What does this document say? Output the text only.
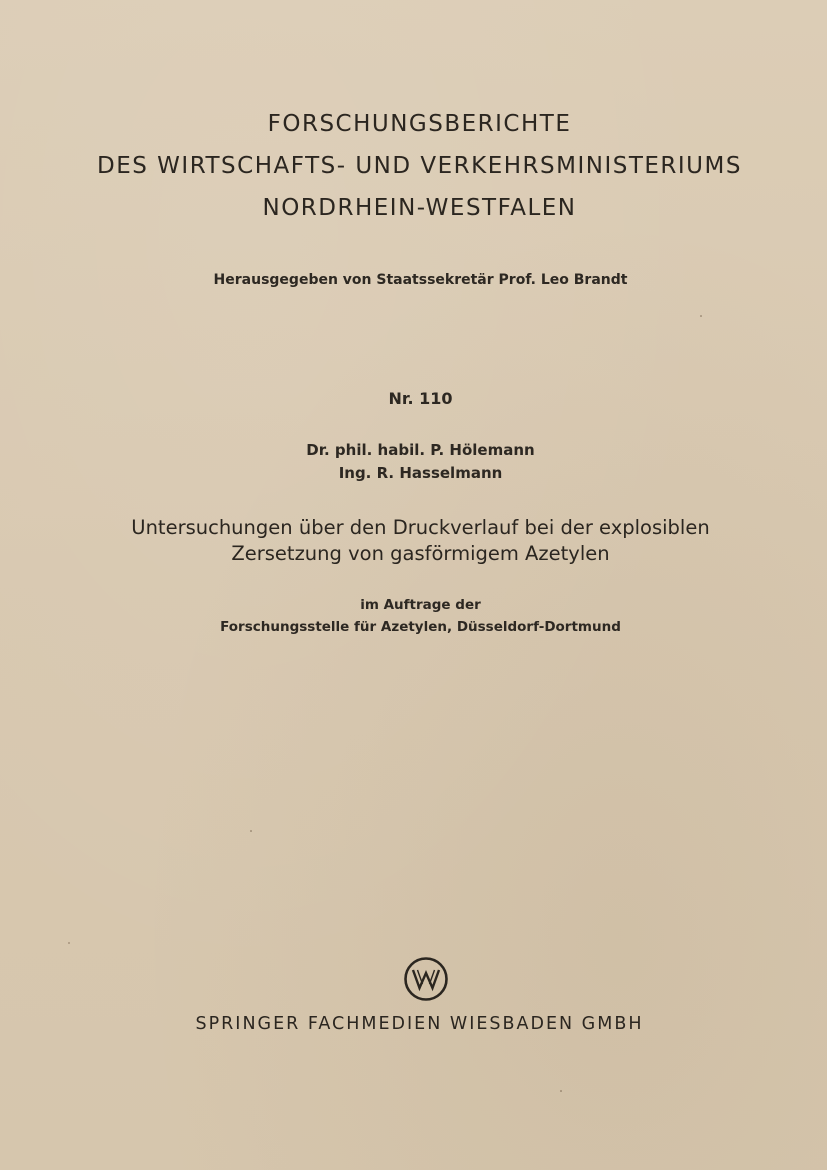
FORSCHUNGSBERICHTE
DES WIRTSCHAFTS- UND VERKEHRSMINISTERIUMS
NORDRHEIN-WESTFALEN
Herausgegeben von Staatssekretär Prof. Leo Brandt
Nr. 110
Dr. phil. habil. P. Hölemann
Ing. R. Hasselmann
Untersuchungen über den Druckverlauf bei der explosiblen
Zersetzung von gasförmigem Azetylen
im Auftrage der
Forschungsstelle für Azetylen, Düsseldorf-Dortmund
SPRINGER FACHMEDIEN WIESBADEN GMBH
